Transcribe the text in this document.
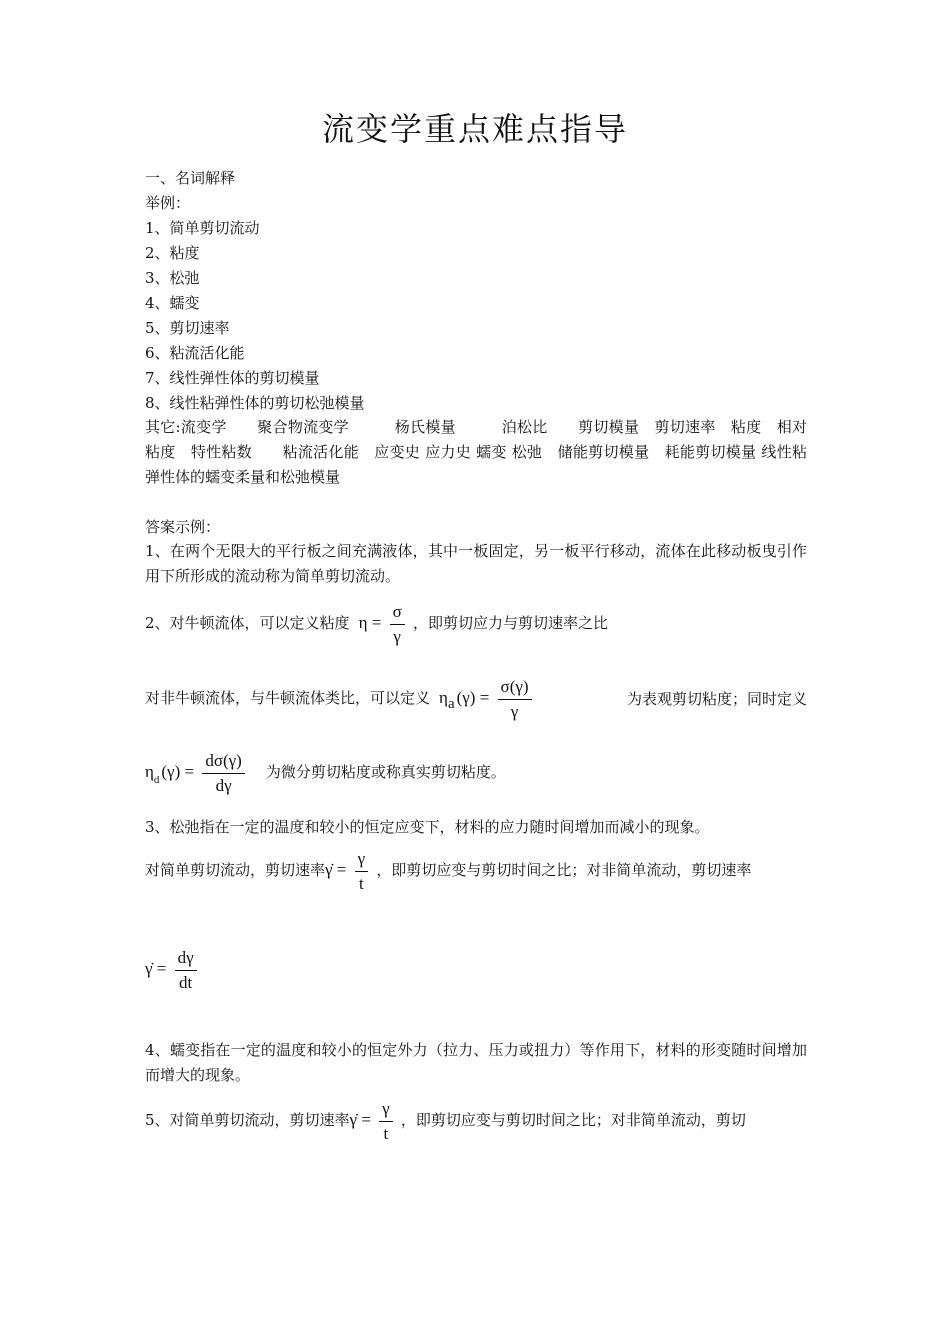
流变学重点难点指导
一、名词解释
举例：
1、简单剪切流动
2、粘度
3、松弛
4、蠕变
5、剪切速率
6、粘流活化能
7、线性弹性体的剪切模量
8、线性粘弹性体的剪切松弛模量
其它:流变学　　聚合物流变学　　　杨氏模量　　　泊松比　　剪切模量　剪切速率　粘度　相对粘度　特性粘数　　粘流活化能　应变史 应力史 蠕变 松弛　储能剪切模量　耗能剪切模量 线性粘弹性体的蠕变柔量和松弛模量
答案示例：
1、在两个无限大的平行板之间充满液体，其中一板固定，另一板平行移动，流体在此移动板曳引作用下所形成的流动称为简单剪切流动。
2、对牛顿流体，可以定义粘度 $\eta = \frac{\sigma}{\gamma}$ ，即剪切应力与剪切速率之比
对非牛顿流体，与牛顿流体类比，可以定义 ηa $(\gamma) = \frac{\sigma(\gamma)}{\gamma}$	为表观剪切粘度；同时定义
$\eta_d$ $(\gamma) = \frac{d\sigma(\gamma)}{d\gamma}$ 为微分剪切粘度或称真实剪切粘度。
3、松弛指在一定的温度和较小的恒定应变下，材料的应力随时间增加而减小的现象。
对简单剪切流动，剪切速率γ̇ = $\frac{\gamma}{t}$ ，即剪切应变与剪切时间之比；对非简单流动，剪切速率
γ̇ = $\frac{d\gamma}{dt}$
4、蠕变指在一定的温度和较小的恒定外力（拉力、压力或扭力）等作用下，材料的形变随时间增加而增大的现象。
5、对简单剪切流动，剪切速率γ̇ = $\frac{\gamma}{t}$ ，即剪切应变与剪切时间之比；对非简单流动，剪切
